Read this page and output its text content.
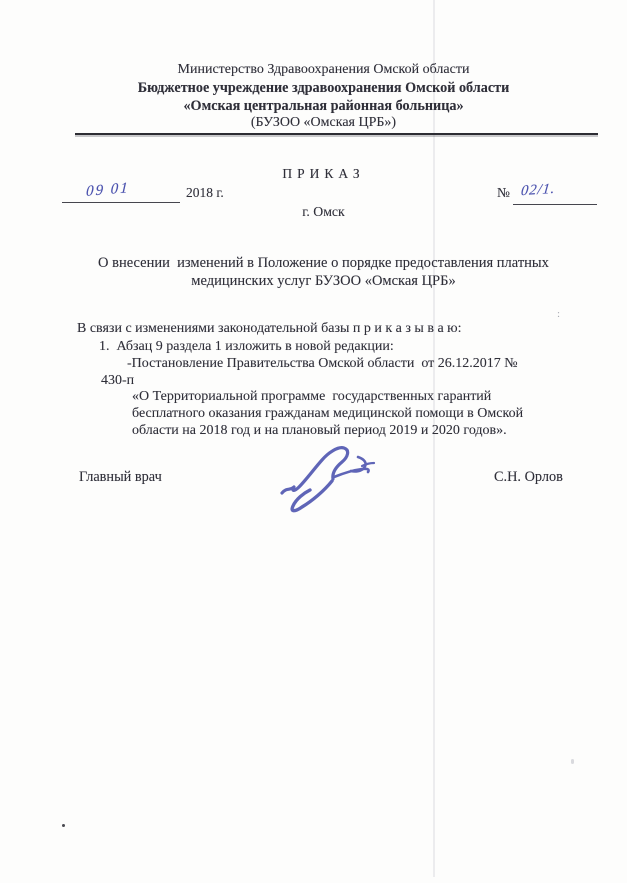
Министерство Здравоохранения Омской области
Бюджетное учреждение здравоохранения Омской области
«Омская центральная районная больница»
(БУЗОО «Омская ЦРБ»)
ПРИКАЗ
09 01	2018 г.	№ 02/1.
г. Омск
О внесении  изменений в Положение о порядке предоставления платных
медицинских услуг БУЗОО «Омская ЦРБ»
В связи с изменениями законодательной базы п р и к а з ы в а ю:
1.  Абзац 9 раздела 1 изложить в новой редакции:
-Постановление Правительства Омской области  от 26.12.2017 №
430-п
«О Территориальной программе  государственных гарантий
бесплатного оказания гражданам медицинской помощи в Омской
области на 2018 год и на плановый период 2019 и 2020 годов».
Главный врач	С.Н. Орлов
:
